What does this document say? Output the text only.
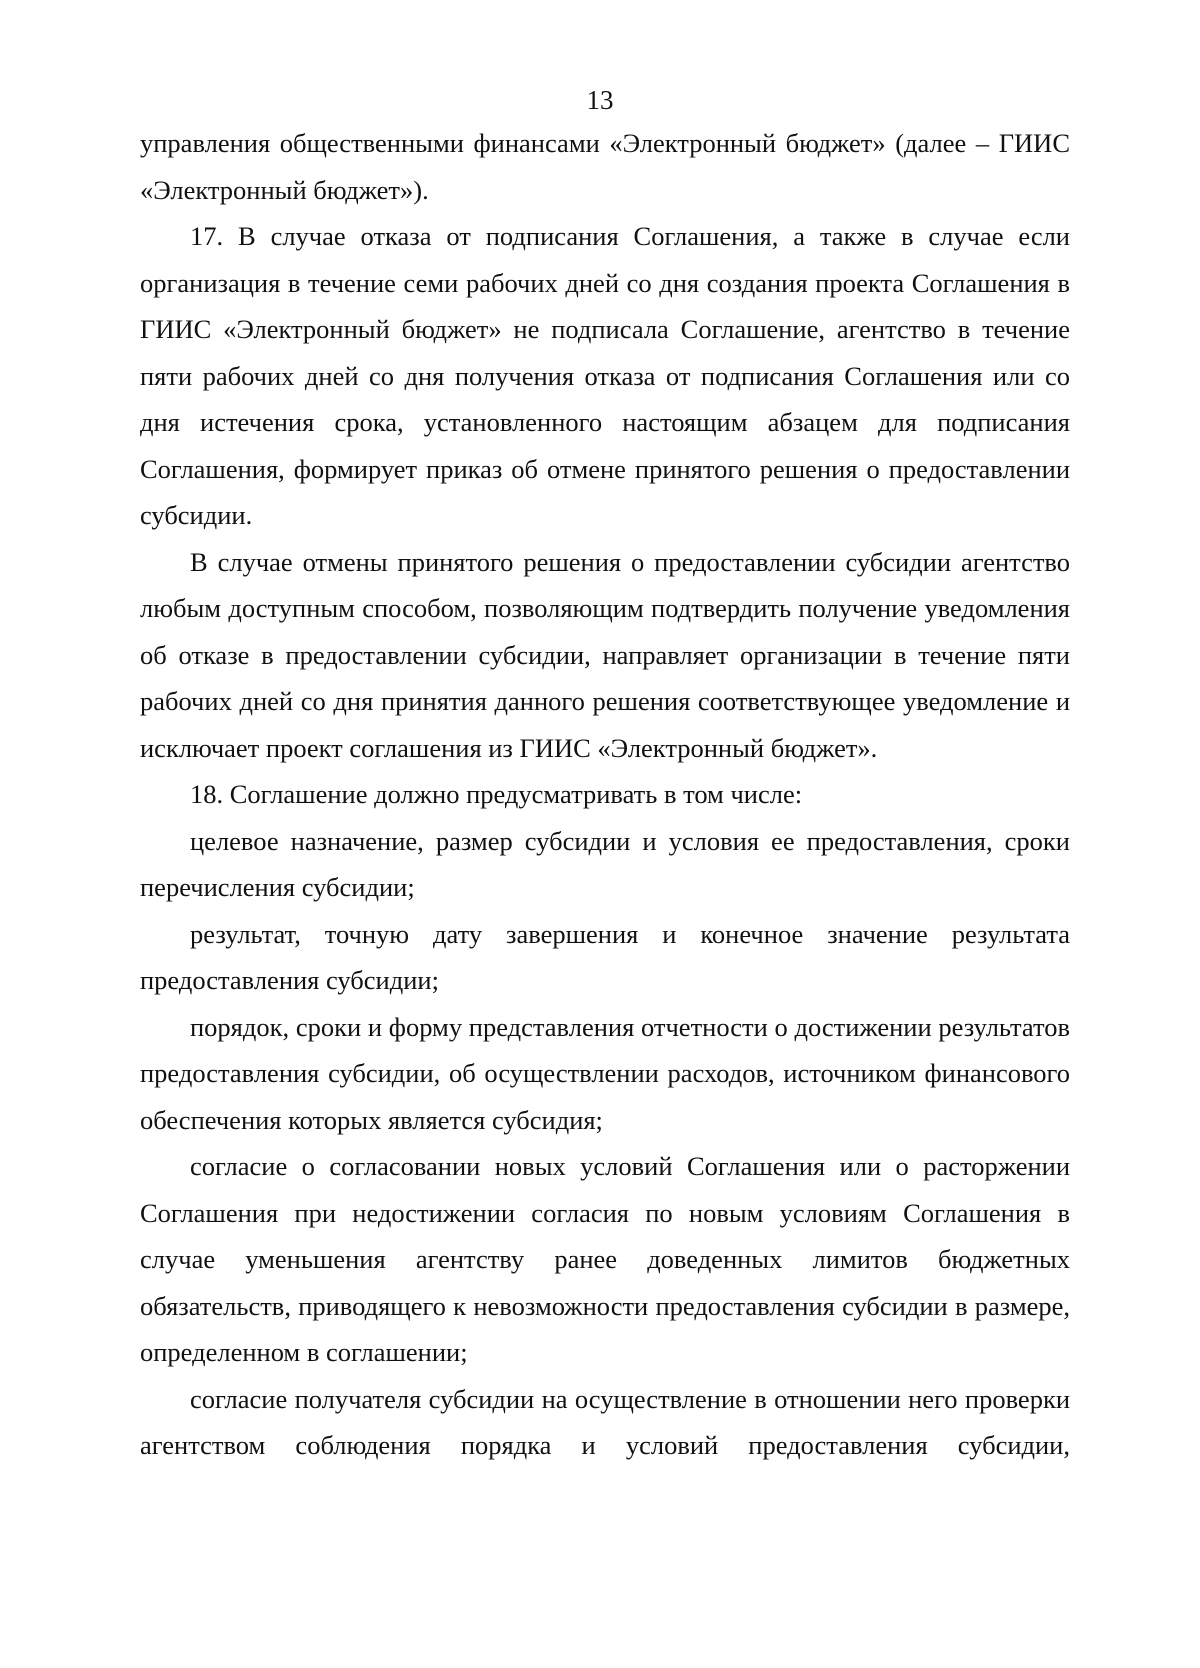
13

управления общественными финансами «Электронный бюджет» (далее – ГИИС «Электронный бюджет»).

17. В случае отказа от подписания Соглашения, а также в случае если организация в течение семи рабочих дней со дня создания проекта Соглашения в ГИИС «Электронный бюджет» не подписала Соглашение, агентство в течение пяти рабочих дней со дня получения отказа от подписания Соглашения или со дня истечения срока, установленного настоящим абзацем для подписания Соглашения, формирует приказ об отмене принятого решения о предоставлении субсидии.

В случае отмены принятого решения о предоставлении субсидии агентство любым доступным способом, позволяющим подтвердить получение уведомления об отказе в предоставлении субсидии, направляет организации в течение пяти рабочих дней со дня принятия данного решения соответствующее уведомление и исключает проект соглашения из ГИИС «Электронный бюджет».

18. Соглашение должно предусматривать в том числе:

целевое назначение, размер субсидии и условия ее предоставления, сроки перечисления субсидии;

результат, точную дату завершения и конечное значение результата предоставления субсидии;

порядок, сроки и форму представления отчетности о достижении результатов предоставления субсидии, об осуществлении расходов, источником финансового обеспечения которых является субсидия;

согласие о согласовании новых условий Соглашения или о расторжении Соглашения при недостижении согласия по новым условиям Соглашения в случае уменьшения агентству ранее доведенных лимитов бюджетных обязательств, приводящего к невозможности предоставления субсидии в размере, определенном в соглашении;

согласие получателя субсидии на осуществление в отношении него проверки агентством соблюдения порядка и условий предоставления субсидии,
